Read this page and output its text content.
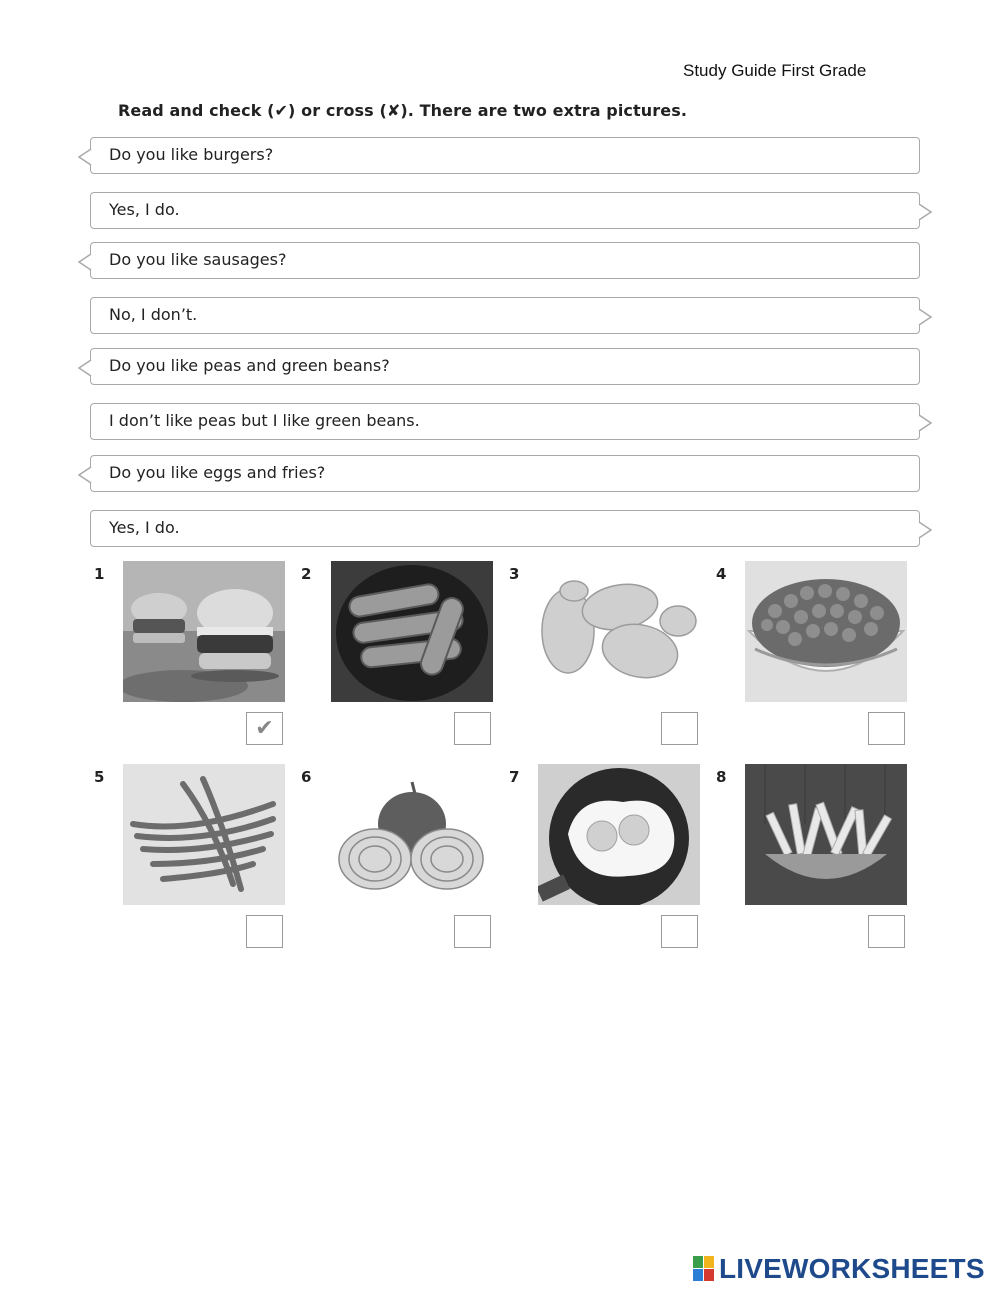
Study Guide First Grade
Read and check (✔) or cross (✘). There are two extra pictures.
Do you like burgers?
Yes, I do.
Do you like sausages?
No, I don’t.
Do you like peas and green beans?
I don’t like peas but I like green beans.
Do you like eggs and fries?
Yes, I do.
1	2	3	4
5	6	7	8
✔
LIVEWORKSHEETS
